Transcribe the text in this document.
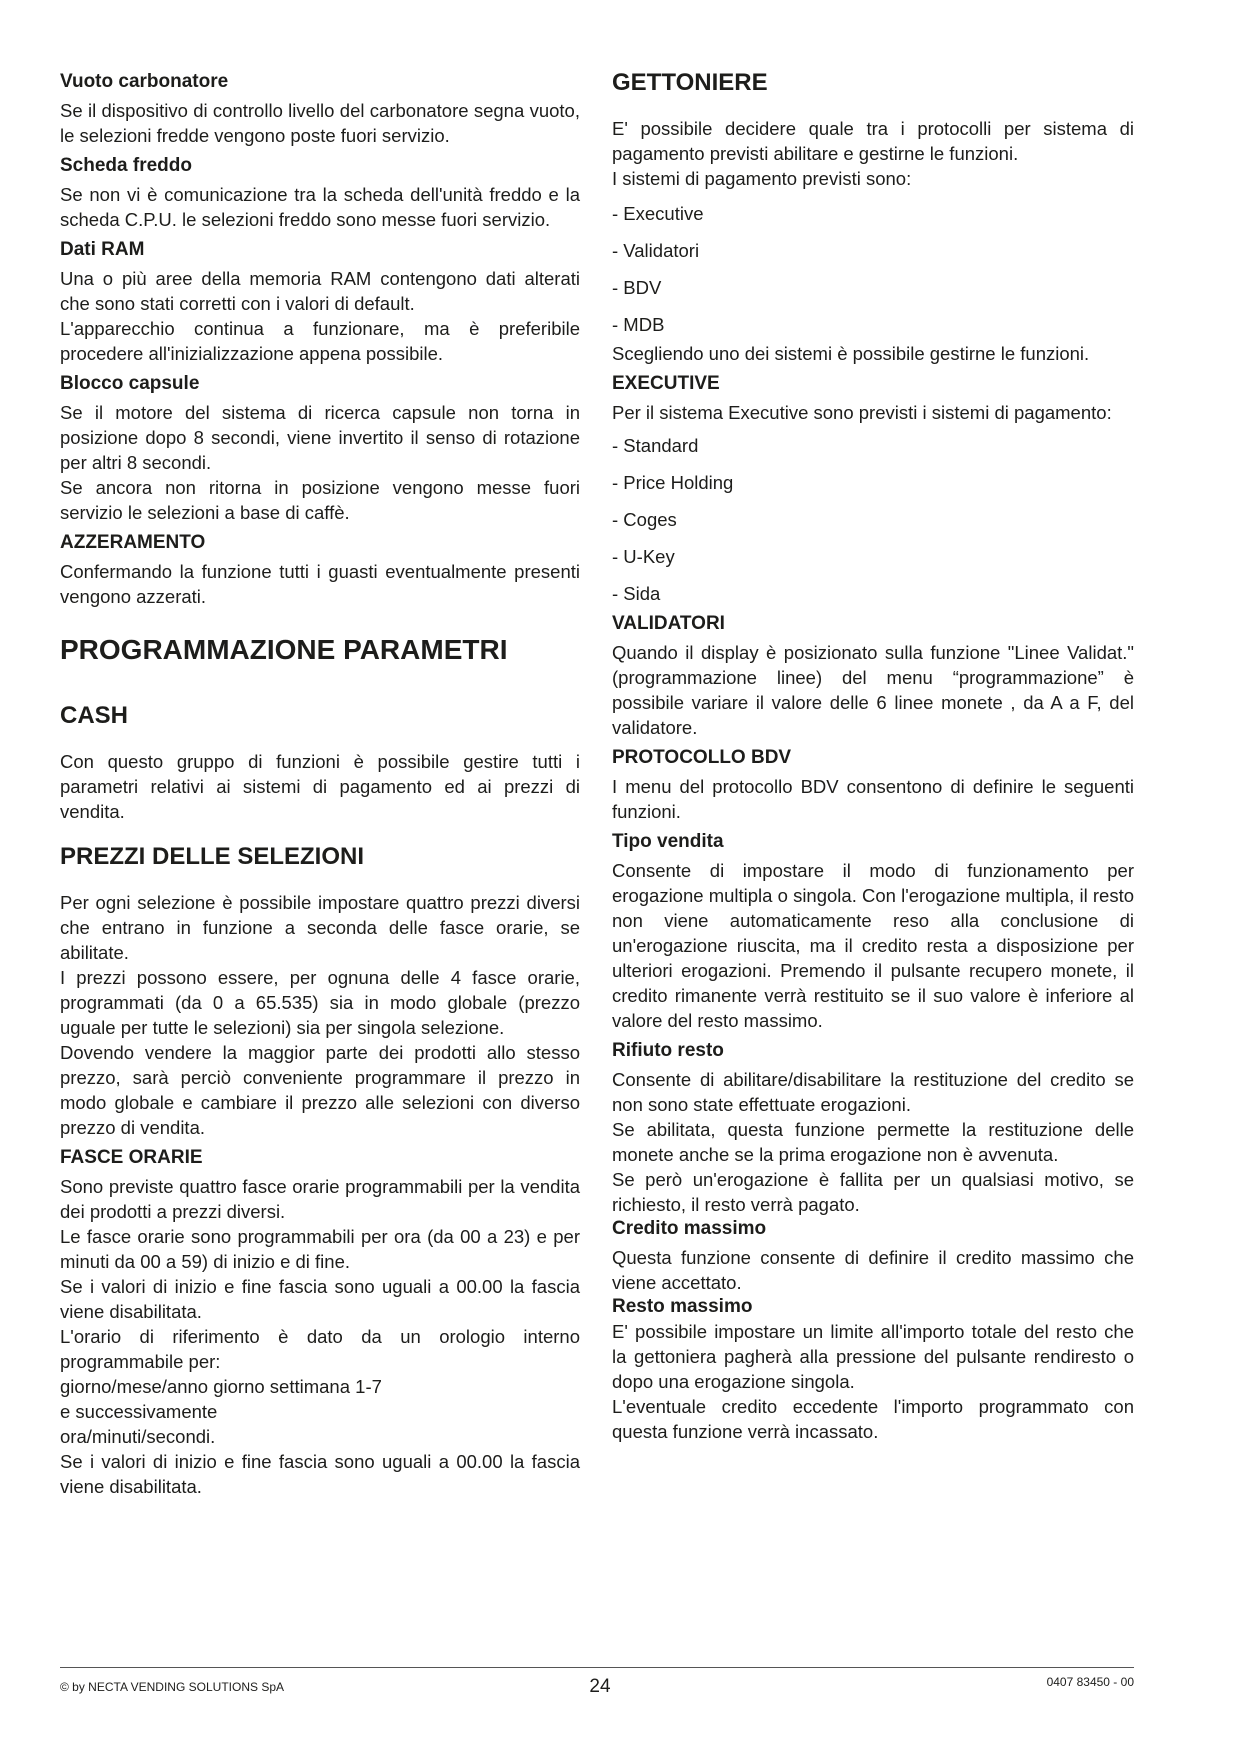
Vuoto carbonatore

Se il dispositivo di controllo livello del carbonatore segna vuoto, le selezioni fredde vengono poste fuori servizio.

Scheda freddo

Se non vi è comunicazione tra la scheda dell'unità freddo e la scheda C.P.U. le selezioni freddo sono messe fuori servizio.

Dati RAM

Una o più aree della memoria RAM contengono dati alterati che sono stati corretti con i valori di default.

L'apparecchio continua a funzionare, ma è preferibile procedere all'inizializzazione appena possibile.

Blocco capsule

Se il motore del sistema di ricerca capsule non torna in posizione dopo 8 secondi, viene invertito il senso di rotazione per altri 8 secondi.

Se ancora non ritorna in posizione vengono messe fuori servizio le selezioni a base di caffè.

AZZERAMENTO

Confermando la funzione tutti i guasti eventualmente presenti vengono azzerati.

PROGRAMMAZIONE PARAMETRI
CASH

Con questo gruppo di funzioni è possibile gestire tutti i parametri relativi ai sistemi di pagamento ed ai prezzi di vendita.

PREZZI DELLE SELEZIONI

Per ogni selezione è possibile impostare quattro prezzi diversi che entrano in funzione a seconda delle fasce orarie, se abilitate.

I prezzi possono essere, per ognuna delle 4 fasce orarie, programmati (da 0 a 65.535) sia in modo globale (prezzo uguale per tutte le selezioni) sia per singola selezione.

Dovendo vendere la maggior parte dei prodotti allo stesso prezzo, sarà perciò conveniente programmare il prezzo in modo globale e cambiare il prezzo alle selezioni con diverso prezzo di vendita.

FASCE ORARIE

Sono previste quattro fasce orarie programmabili per la vendita dei prodotti a prezzi diversi.

Le fasce orarie sono programmabili per ora (da 00 a 23) e per minuti da 00 a 59) di inizio e di fine.

Se i valori di inizio e fine fascia sono uguali a 00.00 la fascia viene disabilitata.

L'orario di riferimento è dato da un orologio interno programmabile per:

giorno/mese/anno giorno settimana 1-7

e successivamente

ora/minuti/secondi.

Se i valori di inizio e fine fascia sono uguali a 00.00 la fascia viene disabilitata.

GETTONIERE

E' possibile decidere quale tra i protocolli per sistema di pagamento previsti abilitare e gestirne le funzioni.

I sistemi di pagamento previsti sono:

- Executive
- Validatori
- BDV
- MDB

Scegliendo uno dei sistemi è possibile gestirne le funzioni.

EXECUTIVE

Per il sistema Executive sono previsti i sistemi di pagamento:

- Standard
- Price Holding
- Coges
- U-Key
- Sida
VALIDATORI

Quando il display è posizionato sulla funzione "Linee Validat." (programmazione linee) del menu “programmazione” è possibile variare il valore delle 6 linee monete , da A a F, del validatore.

PROTOCOLLO BDV

I menu del protocollo BDV consentono di definire le seguenti funzioni.

Tipo vendita

Consente di impostare il modo di funzionamento per erogazione multipla o singola. Con l'erogazione multipla, il resto non viene automaticamente reso alla conclusione di un'erogazione riuscita, ma il credito resta a disposizione per ulteriori erogazioni. Premendo il pulsante recupero monete, il credito rimanente verrà restituito se il suo valore è inferiore al valore del resto massimo.

Rifiuto resto

Consente di abilitare/disabilitare la restituzione del credito se non sono state effettuate erogazioni.

Se abilitata, questa funzione permette la restituzione delle monete anche se la prima erogazione non è avvenuta.

Se però un'erogazione è fallita per un qualsiasi motivo, se richiesto, il resto verrà pagato.

Credito massimo

Questa funzione consente di definire il credito massimo che viene accettato.

Resto massimo

E' possibile impostare un limite all'importo totale del resto che la gettoniera pagherà alla pressione del pulsante rendiresto o dopo una erogazione singola.

L'eventuale credito eccedente l'importo programmato con questa funzione verrà incassato.

© by NECTA VENDING SOLUTIONS SpA	24	0407 83450 - 00
